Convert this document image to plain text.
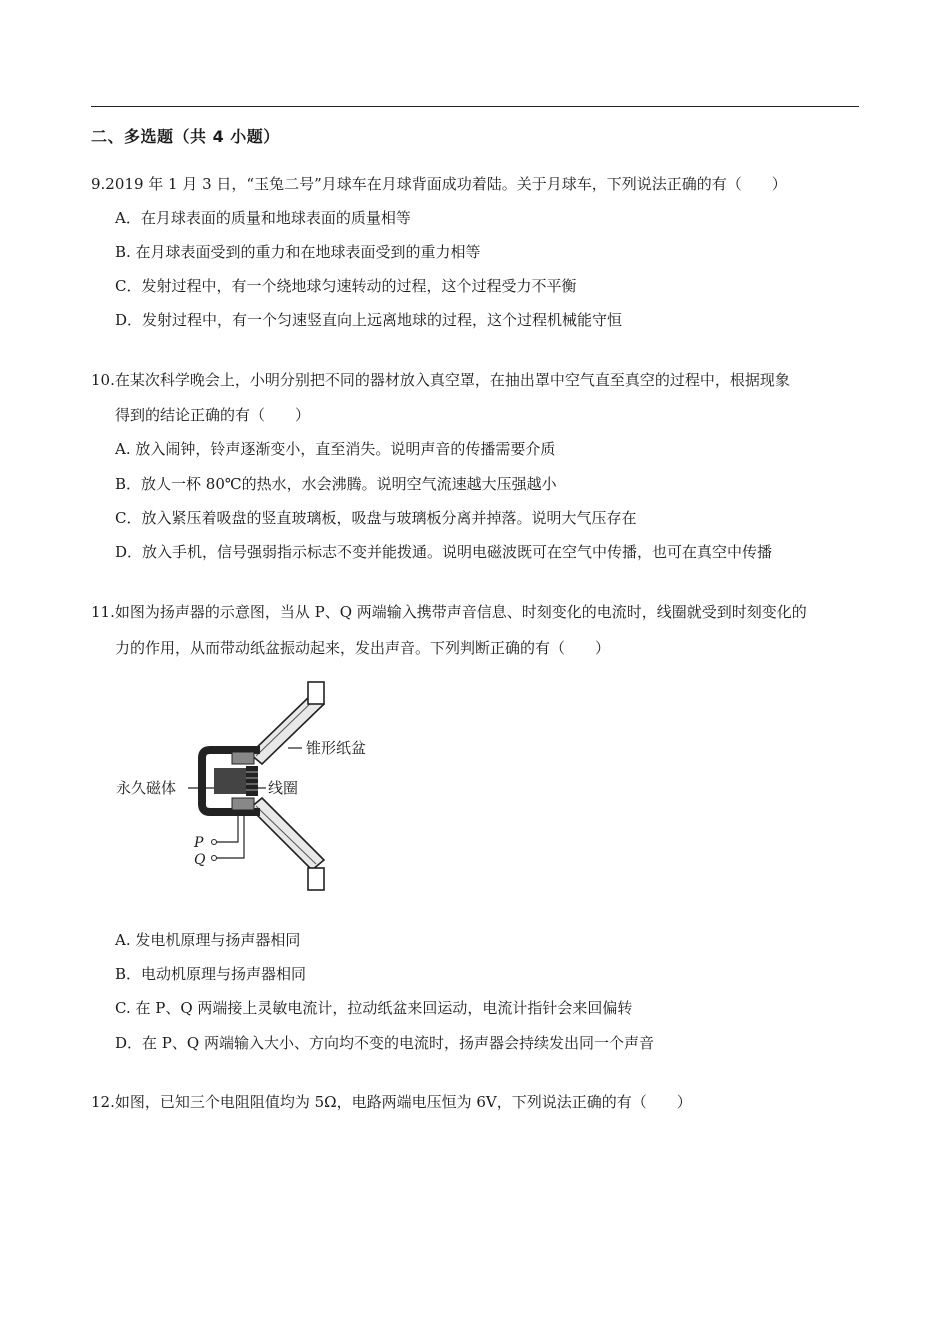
二、多选题（共 4 小题）
9.2019 年 1 月 3 日，“玉兔二号”月球车在月球背面成功着陆。关于月球车，下列说法正确的有（　　）
A．在月球表面的质量和地球表面的质量相等
B. 在月球表面受到的重力和在地球表面受到的重力相等
C．发射过程中，有一个绕地球匀速转动的过程，这个过程受力不平衡
D．发射过程中，有一个匀速竖直向上远离地球的过程，这个过程机械能守恒
10.在某次科学晚会上，小明分别把不同的器材放入真空罩，在抽出罩中空气直至真空的过程中，根据现象
得到的结论正确的有（　　）
A. 放入闹钟，铃声逐渐变小，直至消失。说明声音的传播需要介质
B．放人一杯 80℃的热水，水会沸腾。说明空气流速越大压强越小
C．放入紧压着吸盘的竖直玻璃板，吸盘与玻璃板分离并掉落。说明大气压存在
D．放入手机，信号强弱指示标志不变并能拨通。说明电磁波既可在空气中传播，也可在真空中传播
11.如图为扬声器的示意图，当从 P、Q 两端输入携带声音信息、时刻变化的电流时，线圈就受到时刻变化的
力的作用，从而带动纸盆振动起来，发出声音。下列判断正确的有（　　）
锥形纸盆
永久磁体	线圈
P
Q
A. 发电机原理与扬声器相同
B．电动机原理与扬声器相同
C. 在 P、Q 两端接上灵敏电流计，拉动纸盆来回运动，电流计指针会来回偏转
D．在 P、Q 两端输入大小、方向均不变的电流时，扬声器会持续发出同一个声音
12.如图，已知三个电阻阻值均为 5Ω，电路两端电压恒为 6V，下列说法正确的有（　　）
